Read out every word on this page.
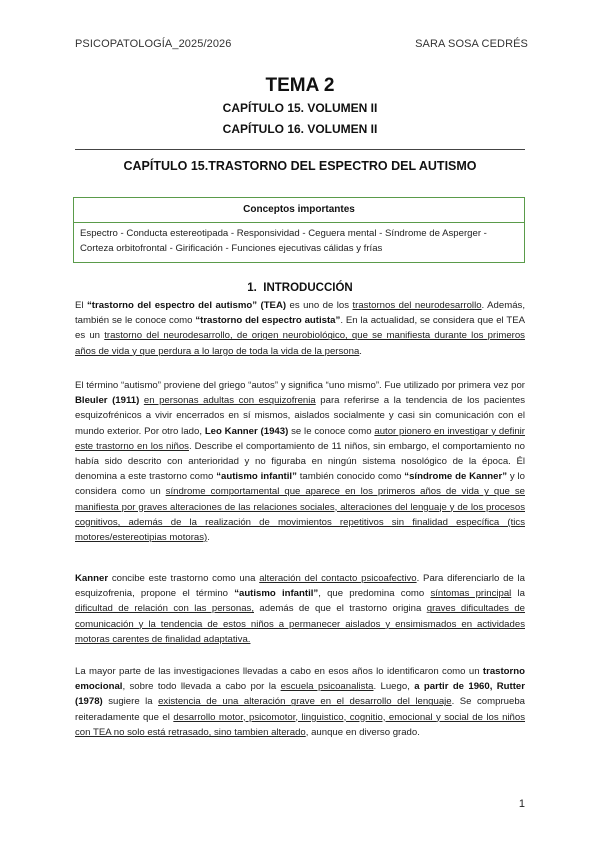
PSICOPATOLOGÍA_2025/2026	SARA SOSA CEDRÉS
TEMA 2
CAPÍTULO 15. VOLUMEN II
CAPÍTULO 16. VOLUMEN II
CAPÍTULO 15.TRASTORNO DEL ESPECTRO DEL AUTISMO
Conceptos importantes
Espectro - Conducta estereotipada - Responsividad - Ceguera mental - Síndrome de Asperger - Corteza orbitofrontal - Girificación - Funciones ejecutivas cálidas y frías
1. INTRODUCCIÓN
El “trastorno del espectro del autismo” (TEA) es uno de los trastornos del neurodesarrollo. Además, también se le conoce como “trastorno del espectro autista”. En la actualidad, se considera que el TEA es un trastorno del neurodesarrollo, de origen neurobiológico, que se manifiesta durante los primeros años de vida y que perdura a lo largo de toda la vida de la persona.
El término “autismo” proviene del griego “autos” y significa “uno mismo”. Fue utilizado por primera vez por Bleuler (1911) en personas adultas con esquizofrenia para referirse a la tendencia de los pacientes esquizofrénicos a vivir encerrados en sí mismos, aislados socialmente y casi sin comunicación con el mundo exterior. Por otro lado, Leo Kanner (1943) se le conoce como autor pionero en investigar y definir este trastorno en los niños. Describe el comportamiento de 11 niños, sin embargo, el comportamiento no había sido descrito con anterioridad y no figuraba en ningún sistema nosológico de la época. Él denomina a este trastorno como “autismo infantil” también conocido como “síndrome de Kanner” y lo considera como un síndrome comportamental que aparece en los primeros años de vida y que se manifiesta por graves alteraciones de las relaciones sociales, alteraciones del lenguaje y de los procesos cognitivos, además de la realización de movimientos repetitivos sin finalidad específica (tics motores/estereotipias motoras).
Kanner concibe este trastorno como una alteración del contacto psicoafectivo. Para diferenciarlo de la esquizofrenia, propone el término “autismo infantil”, que predomina como síntomas principal la dificultad de relación con las personas, además de que el trastorno origina graves dificultades de comunicación y la tendencia de estos niños a permanecer aislados y ensimismados en actividades motoras carentes de finalidad adaptativa.
La mayor parte de las investigaciones llevadas a cabo en esos años lo identificaron como un trastorno emocional, sobre todo llevada a cabo por la escuela psicoanalista. Luego, a partir de 1960, Rutter (1978) sugiere la existencia de una alteración grave en el desarrollo del lenguaje. Se comprueba reiteradamente que el desarrollo motor, psicomotor, linguistico, cognitio, emocional y social de los niños con TEA no solo está retrasado, sino tambien alterado, aunque en diverso grado.
1
